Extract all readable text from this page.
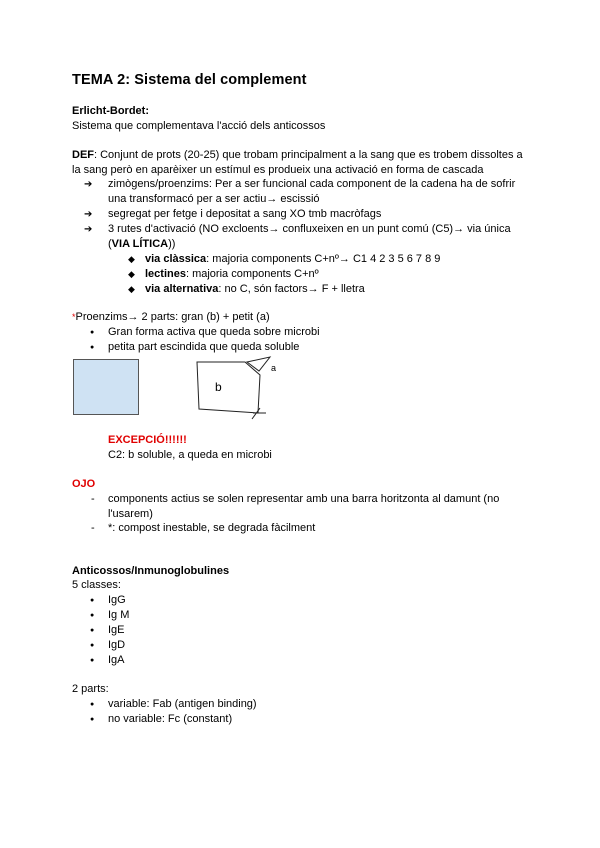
TEMA 2: Sistema del complement
Erlicht-Bordet:
Sistema que complementava l'acció dels anticossos
DEF: Conjunt de prots (20-25) que trobam principalment a la sang que es trobem dissoltes a
la sang però en aparèixer un estímul es produeix una activació en forma de cascada
➔ zimògens/proenzims: Per a ser funcional cada component de la cadena ha de sofrir
una transformacó per a ser actiu→ escissió
➔ segregat per fetge i depositat a sang XO tmb macròfags
➔ 3 rutes d'activació (NO excloents→ confluxeixen en un punt comú (C5)→ via única
(VIA LÍTICA))
◆ via clàssica: majoria components C+nº→ C1 4 2 3 5 6 7 8 9
◆ lectines: majoria components C+nº
◆ via alternativa: no C, són factors→ F + lletra
*Proenzims→ 2 parts: gran (b) + petit (a)
● Gran forma activa que queda sobre microbi
● petita part escindida que queda soluble
b
a
EXCEPCIÓ!!!!!!
C2: b soluble, a queda en microbi
OJO
- components actius se solen representar amb una barra horitzonta al damunt (no
l'usarem)
- *: compost inestable, se degrada fàcilment
Anticossos/Inmunoglobulines
5 classes:
● IgG
● Ig M
● IgE
● IgD
● IgA
2 parts:
● variable: Fab (antigen binding)
● no variable: Fc (constant)
